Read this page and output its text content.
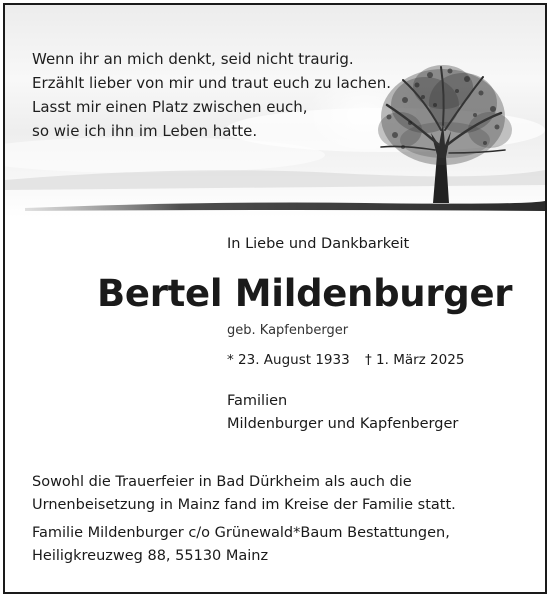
Wenn ihr an mich denkt, seid nicht traurig.
Erzählt lieber von mir und traut euch zu lachen.
Lasst mir einen Platz zwischen euch,
so wie ich ihn im Leben hatte.
In Liebe und Dankbarkeit
Bertel Mildenburger
geb. Kapfenberger
* 23. August 1933 † 1. März 2025
Familien
Mildenburger und Kapfenberger
Sowohl die Trauerfeier in Bad Dürkheim als auch die
Urnenbeisetzung in Mainz fand im Kreise der Familie statt.
Familie Mildenburger c/o Grünewald*Baum Bestattungen,
Heiligkreuzweg 88, 55130 Mainz
